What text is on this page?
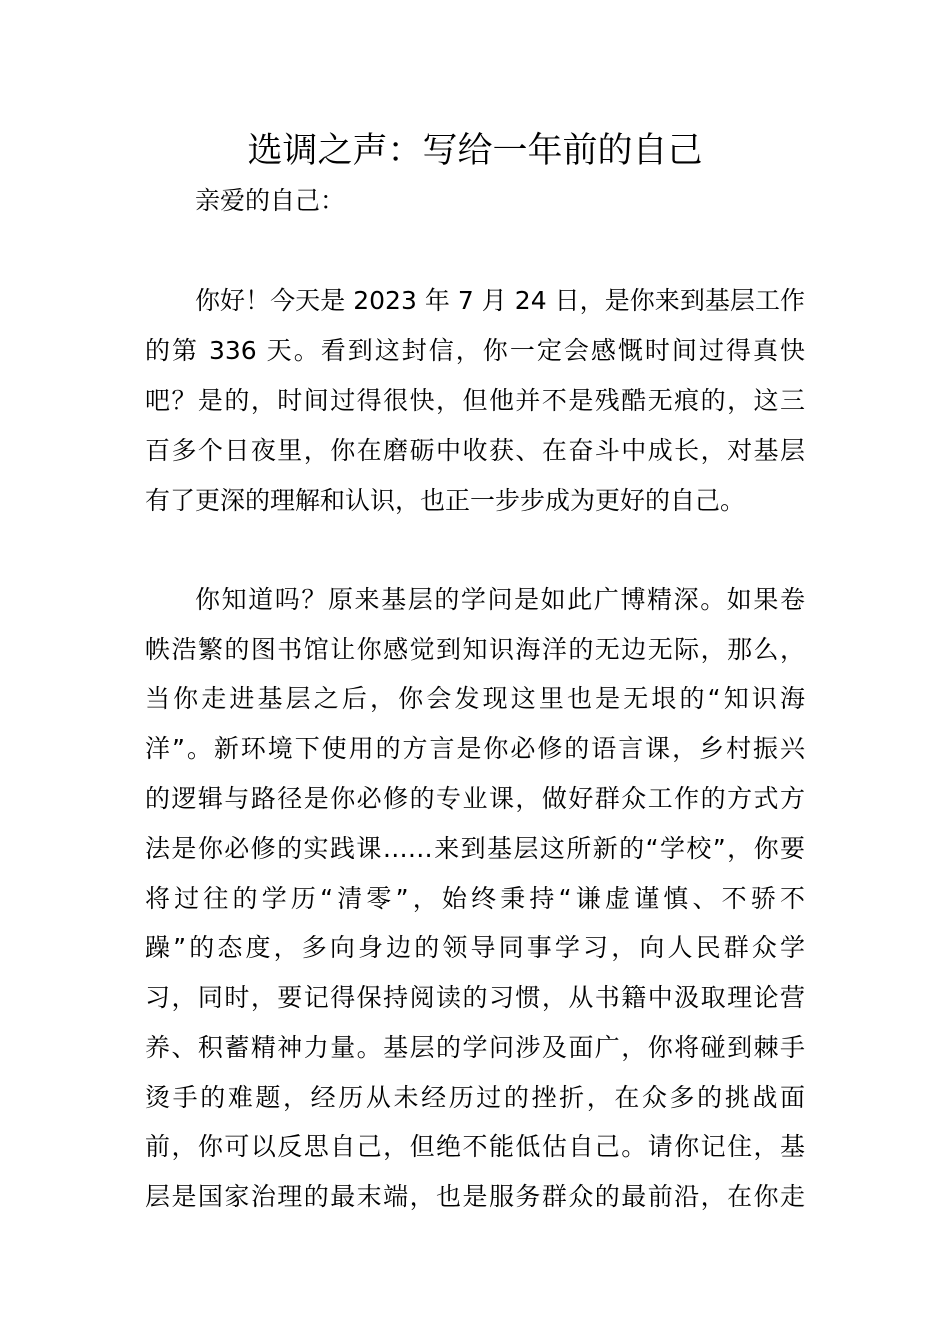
选调之声：写给一年前的自己

亲爱的自己：

你好！今天是 2023 年 7 月 24 日，是你来到基层工作

的第 336 天。看到这封信，你一定会感慨时间过得真快

吧？是的，时间过得很快，但他并不是残酷无痕的，这三

百多个日夜里，你在磨砺中收获、在奋斗中成长，对基层

有了更深的理解和认识，也正一步步成为更好的自己。

你知道吗？原来基层的学问是如此广博精深。如果卷

帙浩繁的图书馆让你感觉到知识海洋的无边无际，那么，

当你走进基层之后，你会发现这里也是无垠的“知识海

洋”。新环境下使用的方言是你必修的语言课，乡村振兴

的逻辑与路径是你必修的专业课，做好群众工作的方式方

法是你必修的实践课……来到基层这所新的“学校”，你要

将过往的学历“清零”，始终秉持“谦虚谨慎、不骄不

躁”的态度，多向身边的领导同事学习，向人民群众学

习，同时，要记得保持阅读的习惯，从书籍中汲取理论营

养、积蓄精神力量。基层的学问涉及面广，你将碰到棘手

烫手的难题，经历从未经历过的挫折，在众多的挑战面

前，你可以反思自己，但绝不能低估自己。请你记住，基

层是国家治理的最末端，也是服务群众的最前沿，在你走
